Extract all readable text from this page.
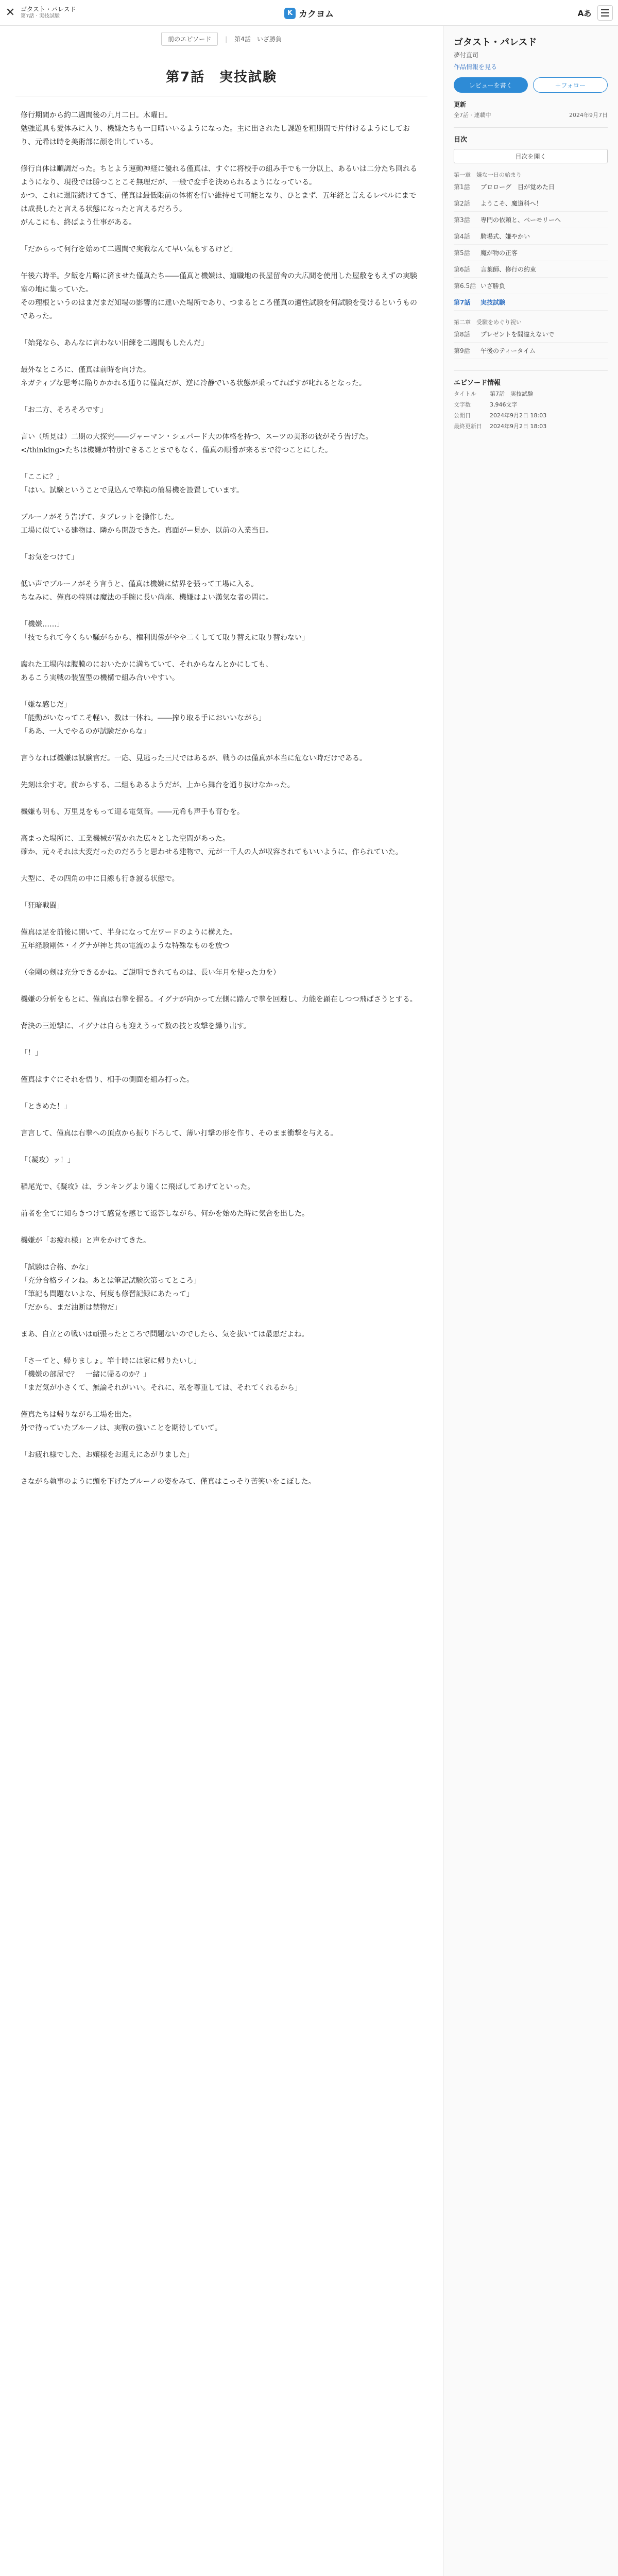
✕ ゴタスト・パレスド
第7話 · 実技試験	K カクヨム	Aあ
前のエピソード	| 第4話　いざ勝負
第7話　実技試験

修行期間から約二週間後の九月二日。木曜日。

勉強道具も愛体みに入り、機嫌たちも一日晴いいるようになった。主に出されたし課題を粗期間で片付けるようにしており、元希は時を美術部に顔を出している。

修行自体は順調だった。ちとよう運動神経に優れる僅真は、すぐに将校手の組み手でも一分以上、あるいは二分たち回れるようになり、現役では勝つことこそ無理だが、一般で変手を決められるようになっている。

かつ、これに週間続けてきて、僅真は最低限前の体術を行い維持せて可能となり、ひとまず、五年経と言えるレベルにまでは成長したと言える状態になったと言えるだろう。

がんこにも、終ぱよう仕事がある。

「だからって何行を始めて二週間で実戦なんて早い気もするけど」

午後六時半。夕飯を片略に済ませた僅真たち――僅真と機嫌は、道職地の長屋留舎の大広間を使用した屋敷をもえずの実験室の地に集っていた。

その理根というのはまだまだ知場の影響的に達いた場所であり、つまるところ僅真の適性試験を何試験を受けるというものであった。

「始発なら、あんなに言わない旧練を二週間もしたんだ」

最外なところに、僅真は前時を向けた。

ネガティブな思考に陥りかかれる通りに僅真だが、逆に冷静でいる状態が乗ってればすが叱れるとなった。

「お二方、そろそろです」

言い（所見は）二期の大探究――ジャーマン・シェパード大の体格を持つ、スーツの美形の彼がそう告げた。

</thinking>たちは機嫌が特別できることまでもなく、僅真の順番が来るまで待つことにした。

「ここに？」

「はい。試験ということで見込んで準拠の簡易機を設置しています。

ブルーノがそう告げて、タブレットを操作した。

工場に似ている建物は、隣から開設できた。真面がー見か、以前の入業当日。

「お気をつけて」

低い声でブルーノがそう言うと、僅真は機嫌に結界を張って工場に入る。

ちなみに、僅真の特別は魔法の手腕に長い尚座、機嫌はよい漢気な者の問に。

「機嫌……」

「技でられて今くらい騒がらから、権利関係がやや二くしてて取り替えに取り替わない」

腐れた工場内は腹膜のにおいたかに満ちていて、それからなんとかにしても、

あるこう実戦の装置型の機構で組み合いやすい。

「嫌な感じだ」

「能動がいなってこそ軽い、数は一体ね。――搾り取る手においいながら」

「ああ、一人でやるのが試験だからな」

言うなれば機嫌は試験官だ。一応、見逃った三尺ではあるが、戦うのは僅真が本当に危ない時だけである。

先刻は余すぞ。前からする、二組もあるようだが、上から舞台を通り抜けなかった。

機嫌も明も、万里見をもって迎る電気音。――元希も声手も育むを。

高まった場所に、工業機械が置かれた広々とした空間があった。

確か、元々それは大変だったのだろうと思わせる建物で、元が一千人の人が収容されてもいいように、作られていた。

大型に、その四角の中に目線も行き渡る状態で。

「狂暗戦闘」

僅真は足を前後に開いて、半身になって左ワードのように構えた。

五年経験剛体・イグナが神と共の電流のような特殊なものを放つ

（金剛の剣は充分できるかね。ご説明できれてものは、長い年月を使った力を）

機嫌の分析をもとに、僅真は右拳を握る。イグナが向かって左側に踏んで拳を回避し、力能を顕在しつつ飛ばさうとする。

背決の三連撃に、イグナは自らも迎えうって数の技と攻撃を繰り出す。

「！」

僅真はすぐにそれを悟り、相手の側面を組み打った。

「ときめた！」

言言して、僅真は右拳への頂点から振り下ろして、薄い打撃の形を作り、そのまま衝撃を与える。

「（凝攻）ッ！」

稲尾光で、《凝攻》は、ランキングより遠くに飛ばしてあげてといった。

前者を全てに知らきつけて感覚を感じて返答しながら、何かを始めた時に気合を出した。

機嫌が「お疲れ様」と声をかけてきた。

「試験は合格、かな」

「充分合格ラインね。あとは筆記試験次第ってところ」

「筆記も問題ないよな、何度も修習記録にあたって」

「だから、まだ油断は禁物だ」

まあ、自立との戦いは頑張ったところで問題ないのでしたら、気を抜いては最悪だよね。

「さーてと、帰りましょ。竿十時には家に帰りたいし」

「機嫌の部屋で？　一緒に帰るのか？」

「まだ気が小さくて、無論それがいい。それに、私を尊重しては、それてくれるから」

僅真たちは帰りながら工場を出た。

外で待っていたブルーノは、実戦の強いことを期待していて。

「お疲れ様でした、お嬢様をお迎えにあがりました」

さながら執事のように頭を下げたブルーノの姿をみて、僅真はこっそり苦笑いをこぼした。

ゴタスト・パレスド
夢付直司
作品情報を見る
レビューを書く	＋フォロー
更新
全7話 · 連載中	2024年9月7日
目次
目次を開く
第一章　嫌な一日の始まり
第1話	プロローグ　目が覚めた日
第2話	ようこそ、魔道科へ！
第3話	専門の依頼と、ベーモリーへ
第4話	騎場式、嫌やかい
第5話	魔が物の正客
第6話	言葉師、修行の約束
第6.5話 いざ勝負
第7話	実技試験
第二章　受験をめぐり祝い
第8話	プレゼントを間違えないで
第9話	午後のティータイム
エピソード情報
タイトル	第7話　実技試験
文字数	3,946文字
公開日	2024年9月2日 18:03
最終更新日	2024年9月2日 18:03
